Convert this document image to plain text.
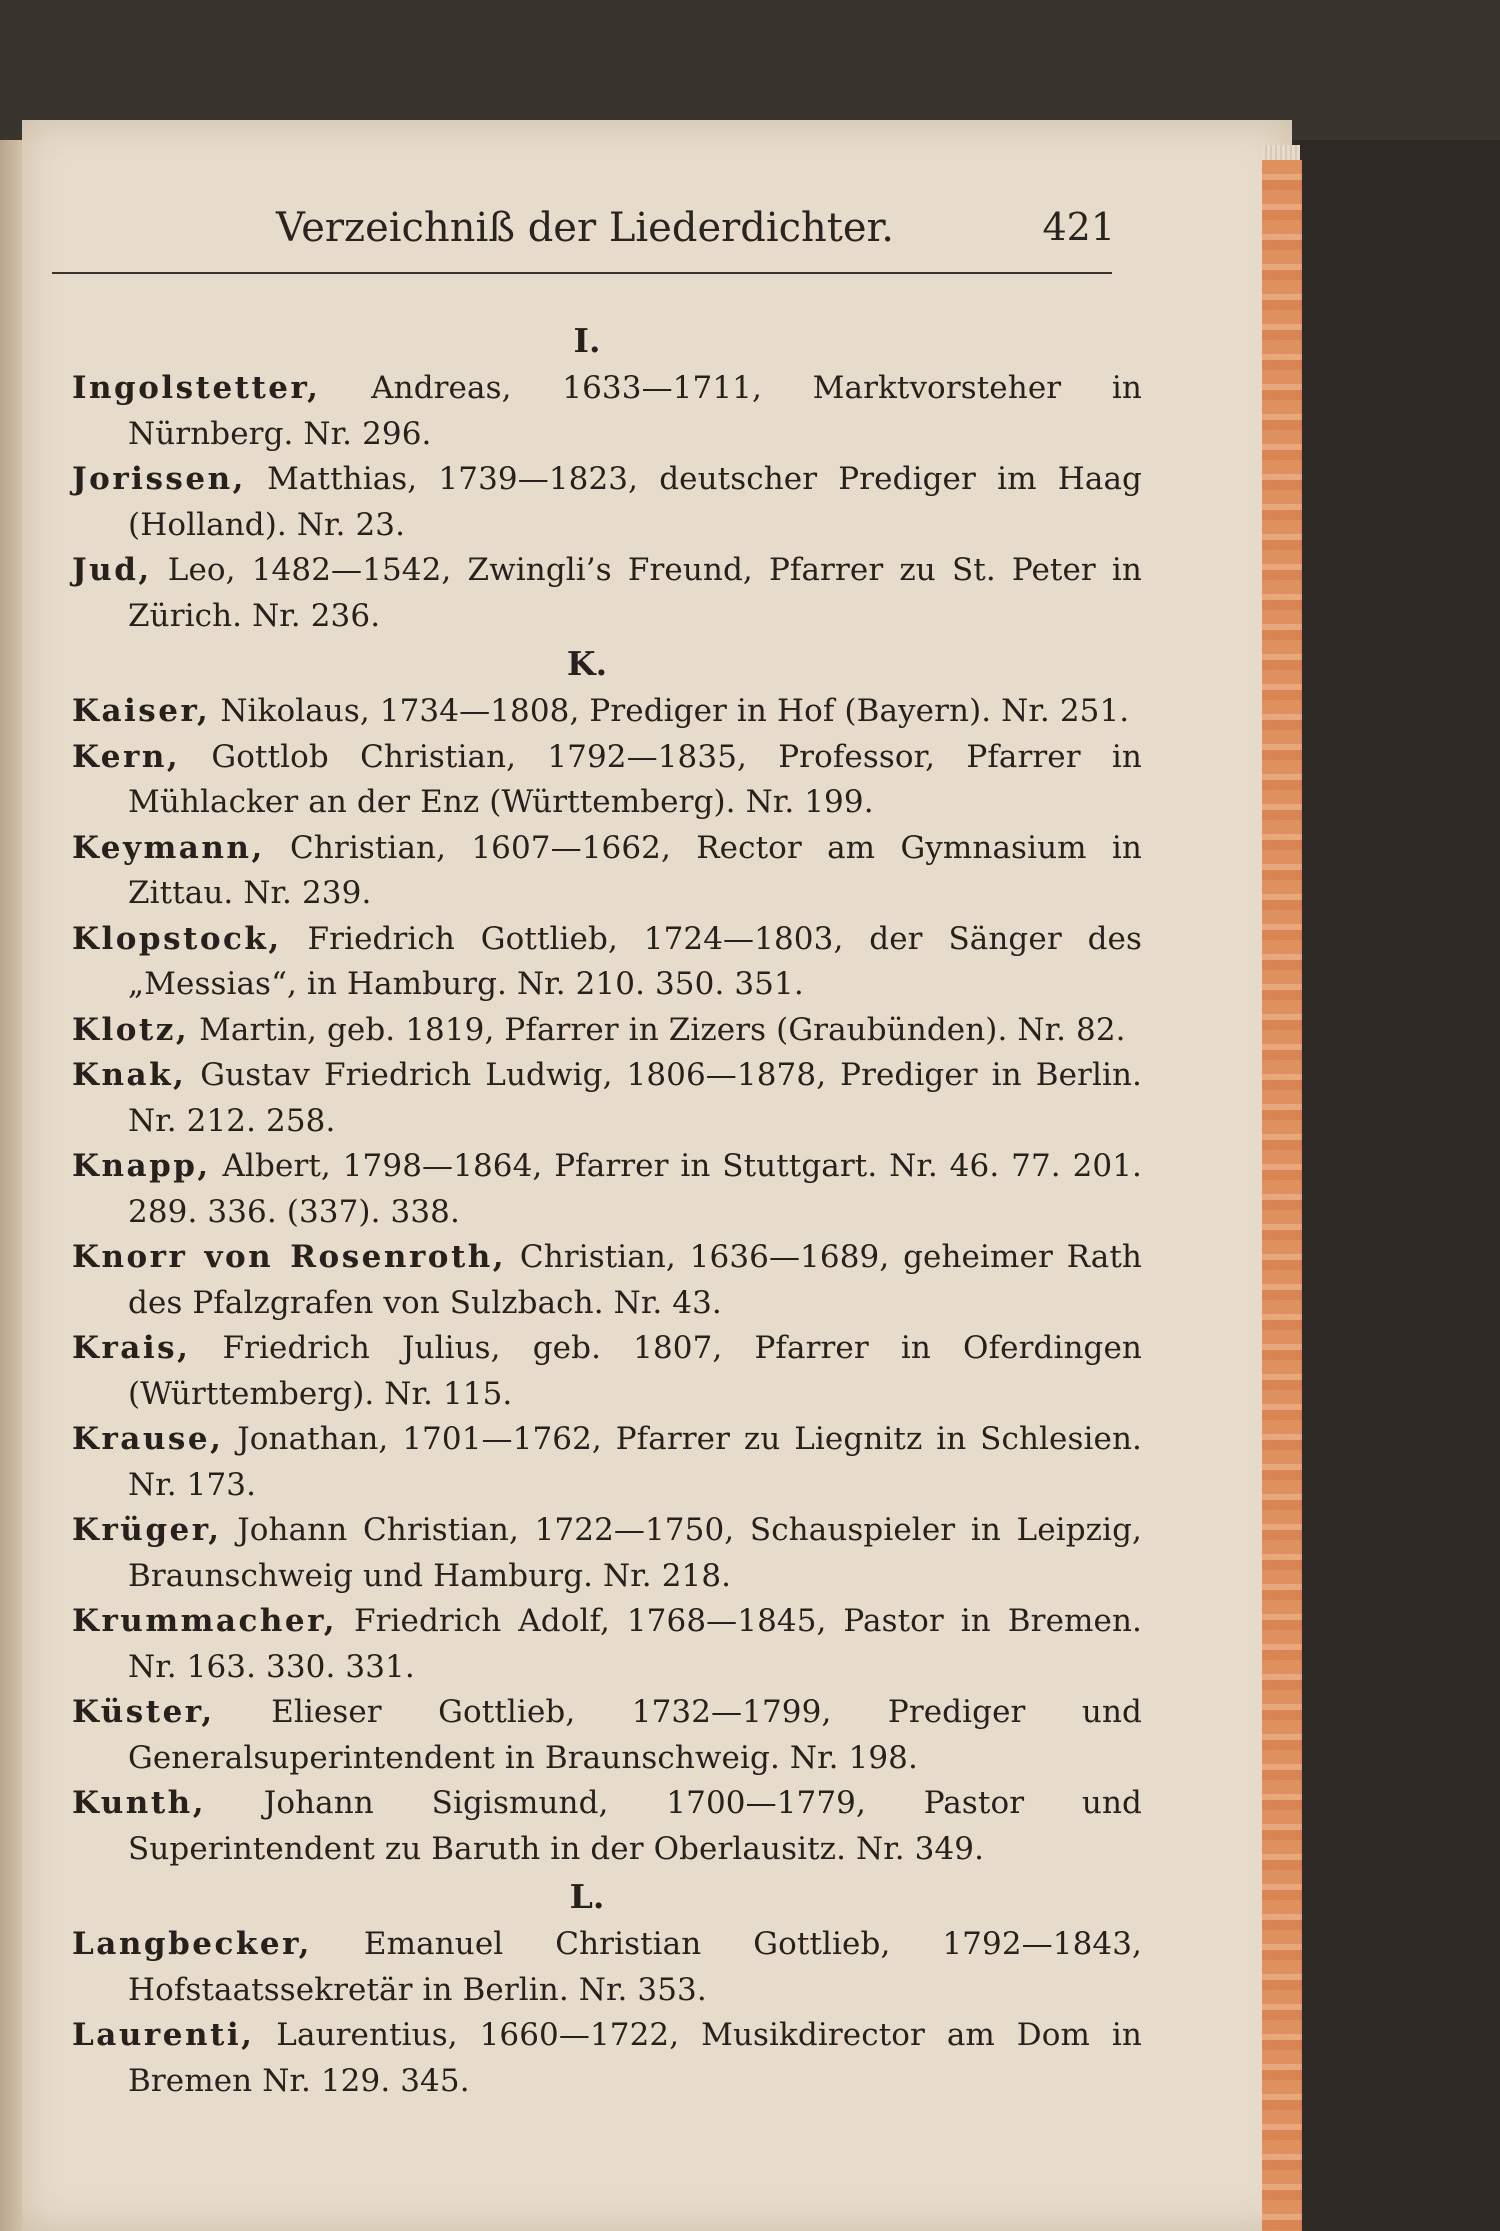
Verzeichniß der Liederdichter.	421
I.
Ingolstetter, Andreas, 1633—1711, Marktvorsteher in Nürnberg. Nr. 296.
Jorissen, Matthias, 1739—1823, deutscher Prediger im Haag (Holland). Nr. 23.
Jud, Leo, 1482—1542, Zwingli’s Freund, Pfarrer zu St. Peter in Zürich. Nr. 236.
K.
Kaiser, Nikolaus, 1734—1808, Prediger in Hof (Bayern). Nr. 251.
Kern, Gottlob Christian, 1792—1835, Professor, Pfarrer in Mühlacker an der Enz (Württemberg). Nr. 199.
Keymann, Christian, 1607—1662, Rector am Gymnasium in Zittau. Nr. 239.
Klopstock, Friedrich Gottlieb, 1724—1803, der Sänger des „Messias“, in Hamburg. Nr. 210. 350. 351.
Klotz, Martin, geb. 1819, Pfarrer in Zizers (Graubünden). Nr. 82.
Knak, Gustav Friedrich Ludwig, 1806—1878, Prediger in Berlin. Nr. 212. 258.
Knapp, Albert, 1798—1864, Pfarrer in Stuttgart. Nr. 46. 77. 201. 289. 336. (337). 338.
Knorr von Rosenroth, Christian, 1636—1689, geheimer Rath des Pfalzgrafen von Sulzbach. Nr. 43.
Krais, Friedrich Julius, geb. 1807, Pfarrer in Oferdingen (Württemberg). Nr. 115.
Krause, Jonathan, 1701—1762, Pfarrer zu Liegnitz in Schlesien. Nr. 173.
Krüger, Johann Christian, 1722—1750, Schauspieler in Leipzig, Braunschweig und Hamburg. Nr. 218.
Krummacher, Friedrich Adolf, 1768—1845, Pastor in Bremen. Nr. 163. 330. 331.
Küster, Elieser Gottlieb, 1732—1799, Prediger und Generalsuperintendent in Braunschweig. Nr. 198.
Kunth, Johann Sigismund, 1700—1779, Pastor und Superintendent zu Baruth in der Oberlausitz. Nr. 349.
L.
Langbecker, Emanuel Christian Gottlieb, 1792—1843, Hofstaatssekretär in Berlin. Nr. 353.
Laurenti, Laurentius, 1660—1722, Musikdirector am Dom in Bremen Nr. 129. 345.
